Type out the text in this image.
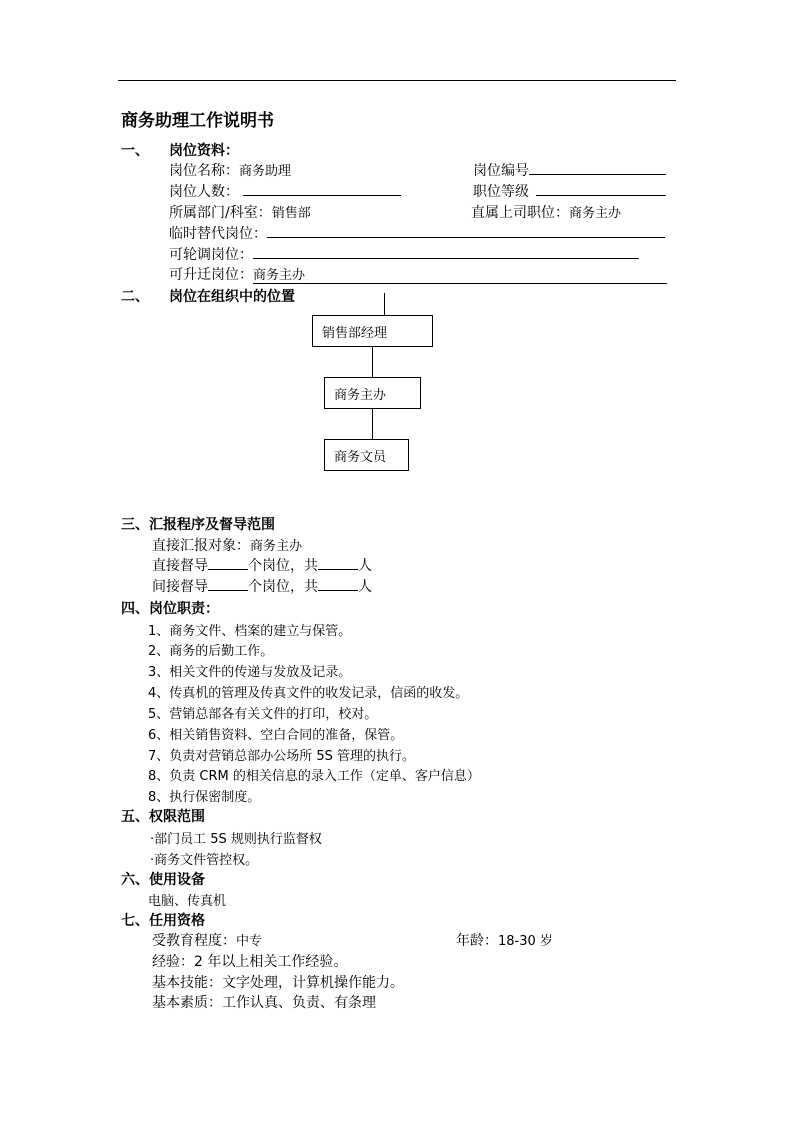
商务助理工作说明书
一、 岗位资料：
岗位名称：商务助理	岗位编号
岗位人数：	职位等级
所属部门/科室：销售部	直属上司职位：商务主办
临时替代岗位：
可轮调岗位：
可升迁岗位：商务主办
二、 岗位在组织中的位置
销售部经理
商务主办
商务文员
三、汇报程序及督导范围
直接汇报对象：商务主办
直接督导	个岗位，共	人
间接督导	个岗位，共	人
四、岗位职责：
1、商务文件、档案的建立与保管。
2、商务的后勤工作。
3、相关文件的传递与发放及记录。
4、传真机的管理及传真文件的收发记录，信函的收发。
5、营销总部各有关文件的打印，校对。
6、相关销售资料、空白合同的准备，保管。
7、负责对营销总部办公场所 5S 管理的执行。
8、负责 CRM 的相关信息的录入工作（定单、客户信息）
8、执行保密制度。
五、权限范围
·部门员工 5S 规则执行监督权
·商务文件管控权。
六、使用设备
电脑、传真机
七、任用资格
受教育程度：中专	年龄：18-30 岁
经验：2 年以上相关工作经验。
基本技能：文字处理，计算机操作能力。
基本素质：工作认真、负责、有条理
